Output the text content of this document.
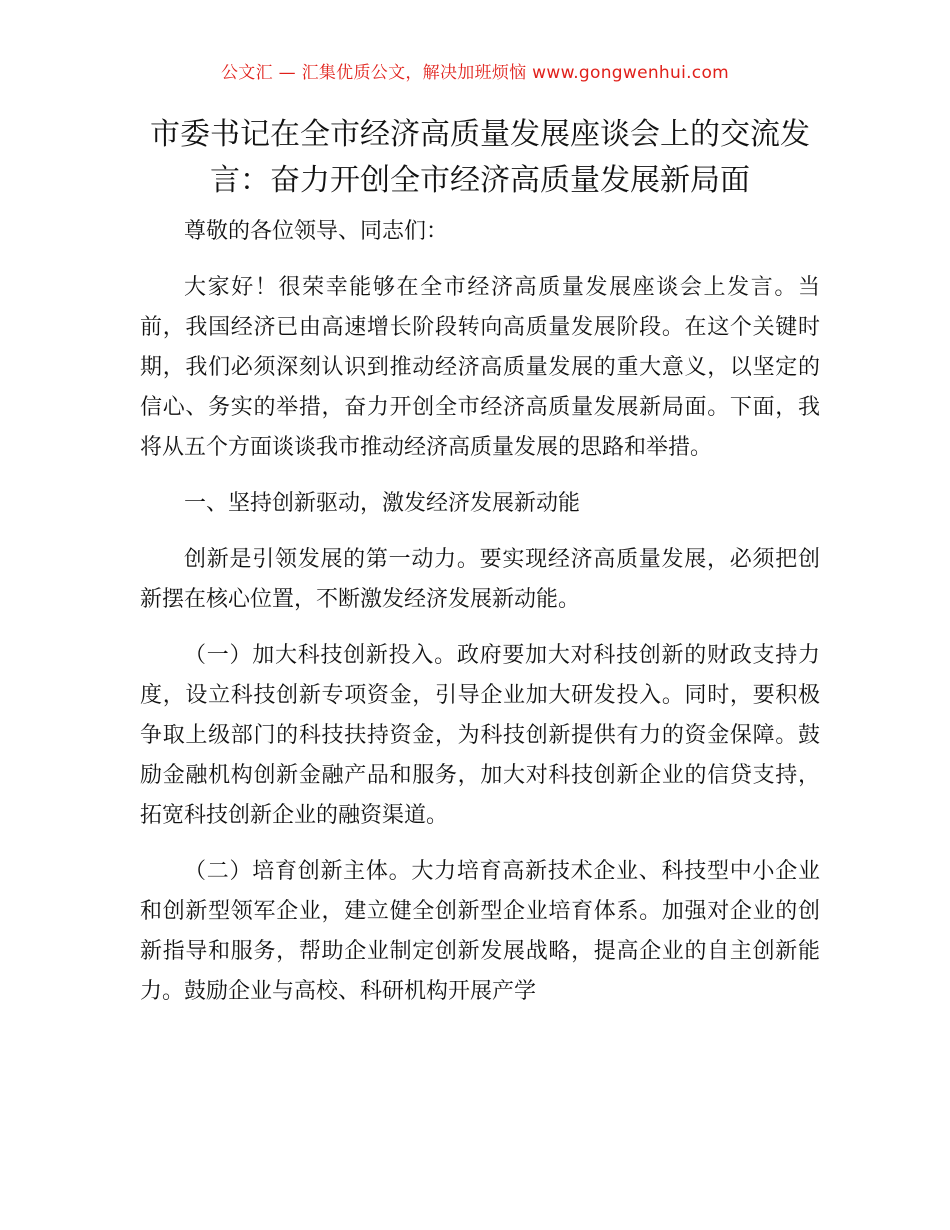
公文汇 — 汇集优质公文，解决加班烦恼 www.gongwenhui.com
市委书记在全市经济高质量发展座谈会上的交流发言：奋力开创全市经济高质量发展新局面

尊敬的各位领导、同志们：

大家好！很荣幸能够在全市经济高质量发展座谈会上发言。当前，我国经济已由高速增长阶段转向高质量发展阶段。在这个关键时期，我们必须深刻认识到推动经济高质量发展的重大意义，以坚定的信心、务实的举措，奋力开创全市经济高质量发展新局面。下面，我将从五个方面谈谈我市推动经济高质量发展的思路和举措。

一、坚持创新驱动，激发经济发展新动能

创新是引领发展的第一动力。要实现经济高质量发展，必须把创新摆在核心位置，不断激发经济发展新动能。

（一）加大科技创新投入。政府要加大对科技创新的财政支持力度，设立科技创新专项资金，引导企业加大研发投入。同时，要积极争取上级部门的科技扶持资金，为科技创新提供有力的资金保障。鼓励金融机构创新金融产品和服务，加大对科技创新企业的信贷支持，拓宽科技创新企业的融资渠道。

（二）培育创新主体。大力培育高新技术企业、科技型中小企业和创新型领军企业，建立健全创新型企业培育体系。加强对企业的创新指导和服务，帮助企业制定创新发展战略，提高企业的自主创新能力。鼓励企业与高校、科研机构开展产学
